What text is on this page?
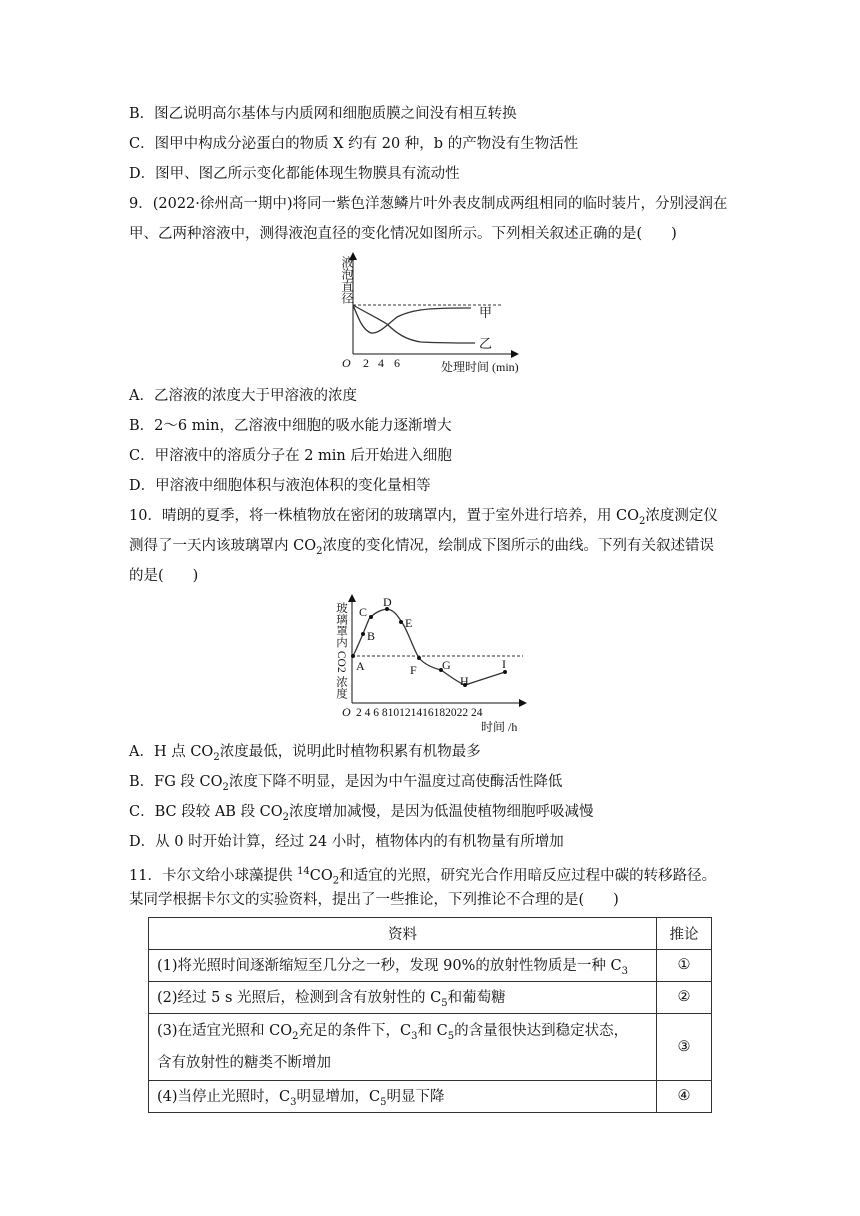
B．图乙说明高尔基体与内质网和细胞质膜之间没有相互转换
C．图甲中构成分泌蛋白的物质 X 约有 20 种，b 的产物没有生物活性
D．图甲、图乙所示变化都能体现生物膜具有流动性
9．(2022·徐州高一期中)将同一紫色洋葱鳞片叶外表皮制成两组相同的临时装片，分别浸润在
甲、乙两种溶液中，测得液泡直径的变化情况如图所示。下列相关叙述正确的是(　　)
液泡直径
甲
乙
O 2 4 6	处理时间 (min)
A．乙溶液的浓度大于甲溶液的浓度
B．2～6 min，乙溶液中细胞的吸水能力逐渐增大
C．甲溶液中的溶质分子在 2 min 后开始进入细胞
D．甲溶液中细胞体积与液泡体积的变化量相等
10．晴朗的夏季，将一株植物放在密闭的玻璃罩内，置于室外进行培养，用 $CO_2$浓度测定仪
测得了一天内该玻璃罩内 $CO_2$浓度的变化情况，绘制成下图所示的曲线。下列有关叙述错误
的是(　　)
玻璃罩内 CO 2 浓度
A
B
C
D
E
F G
H
I
O 2 4 6 810121416182022 24
时间 /h
A．H 点 $CO_2$浓度最低，说明此时植物积累有机物最多
B．FG 段 $CO_2$浓度下降不明显，是因为中午温度过高使酶活性降低
C．BC 段较 AB 段 $CO_2$浓度增加减慢，是因为低温使植物细胞呼吸减慢
D．从 0 时开始计算，经过 24 小时，植物体内的有机物量有所增加
11．卡尔文给小球藻提供 $^{14}CO_2$和适宜的光照，研究光合作用暗反应过程中碳的转移路径。
某同学根据卡尔文的实验资料，提出了一些推论，下列推论不合理的是(　　)
资料	推论
(1)将光照时间逐渐缩短至几分之一秒，发现 90%的放射性物质是一种 $C_3$	①
(2)经过 5 s 光照后，检测到含有放射性的 $C_5$和葡萄糖	②
(3)在适宜光照和 $CO_2$充足的条件下，$C_3$和 $C_5$的含量很快达到稳定状态，
含有放射性的糖类不断增加	③
(4)当停止光照时，$C_3$明显增加，$C_5$明显下降	④
